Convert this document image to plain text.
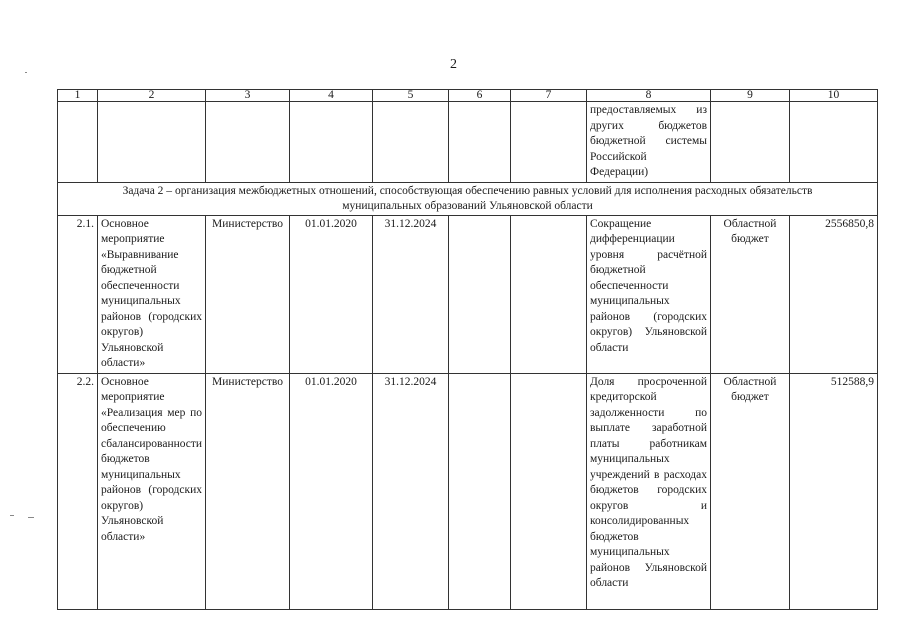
2
1	2	3	4	5	6	7	8	9	10
							предоставляемых из других бюджетов бюджетной системы Российской Федерации)		
Задача 2 – организация межбюджетных отношений, способствующая обеспечению равных условий для исполнения расходных обязательств
муниципальных образований Ульяновской области									
2.1.	Основное мероприятие «Выравнивание бюджетной обеспеченности муниципальных районов (городских округов) Ульяновской области»	Министерство	01.01.2020	31.12.2024			Сокращение дифференциации уровня расчётной бюджетной обеспеченности муниципальных районов (городских округов) Ульяновской области	Областной бюджет	2556850,8
2.2.	Основное мероприятие «Реализация мер по обеспечению сбалансированности бюджетов муниципальных районов (городских округов) Ульяновской области»	Министерство	01.01.2020	31.12.2024			Доля просроченной кредиторской задолженности по выплате заработной платы работникам муниципальных учреждений в расходах бюджетов городских округов и консолидированных бюджетов муниципальных районов Ульяновской области	Областной бюджет	512588,9
